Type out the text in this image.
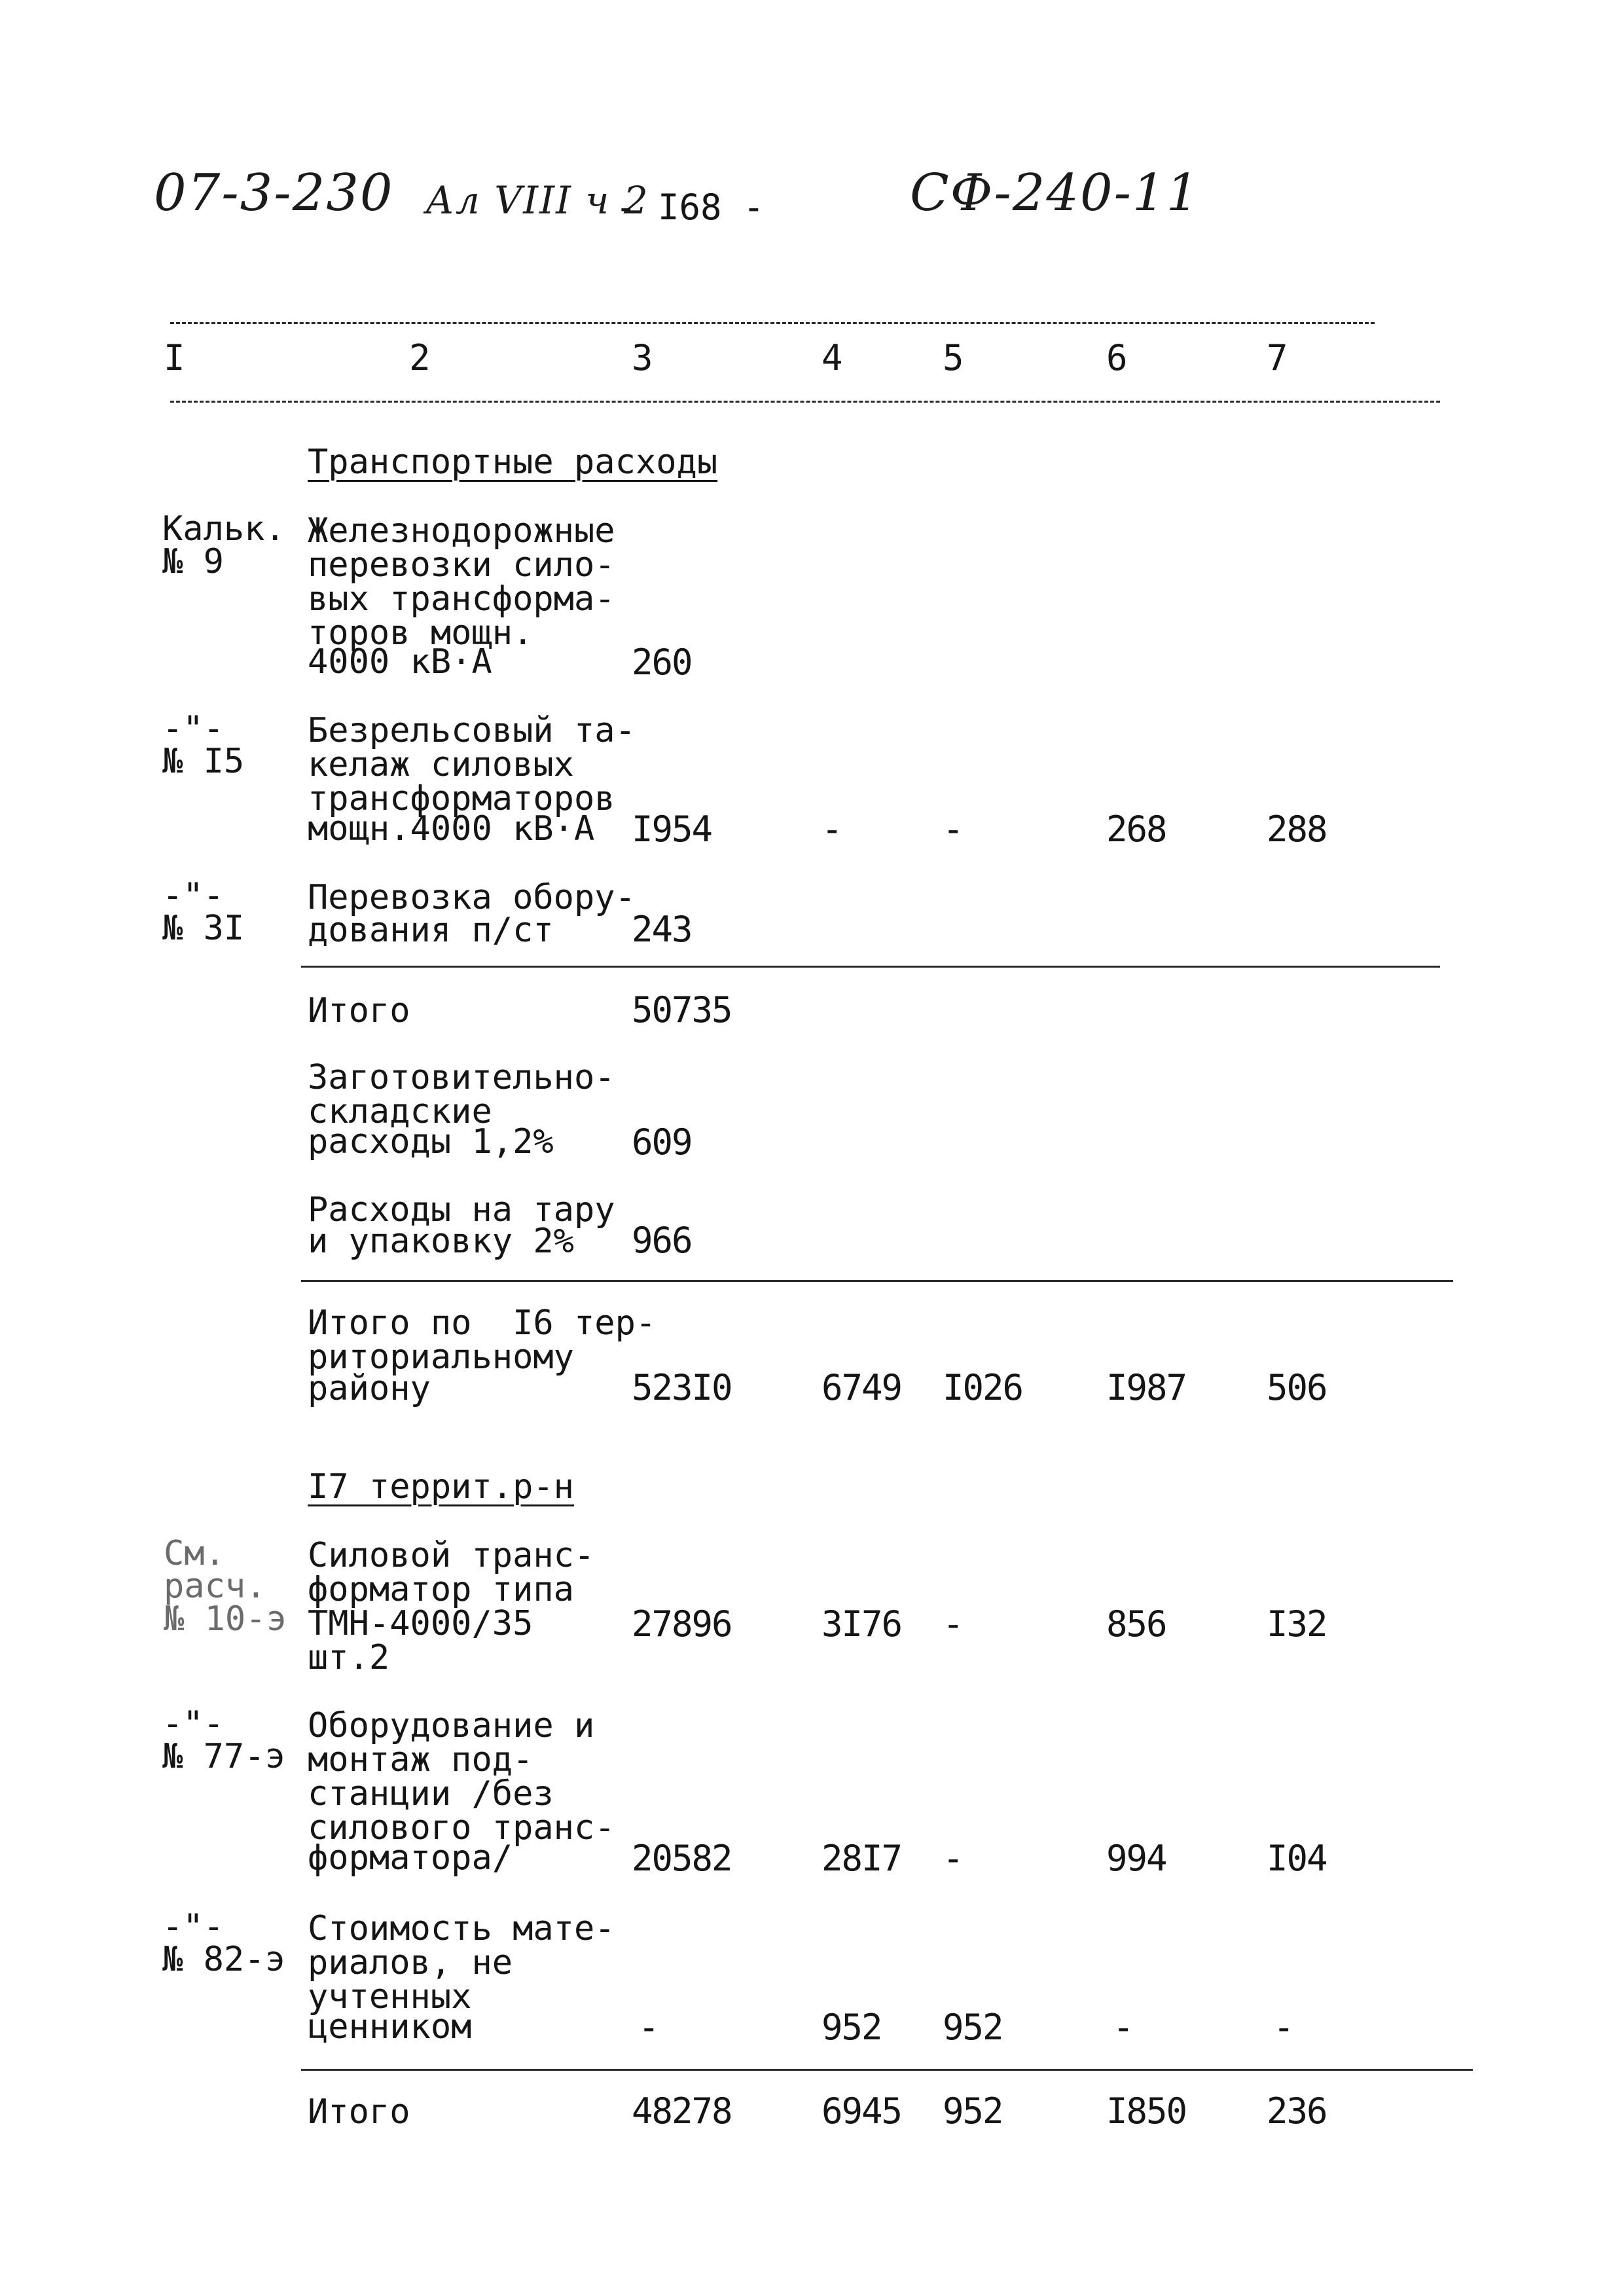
07-3-230 Ал VIII ч 2
- I68 -	СФ-240-11
I	2	3	4	5	6	7
Транспортные расходы
Кальк.
№ 9
Железнодорожные
перевозки сило-
вых трансформа-
торов мощн.
4000 кВ·А	260
-"-
№ I5
Безрельсовый та-
келаж силовых
трансформаторов
мощн.4000 кВ·А I954	-	-	268	288
-"-
№ 3I
Перевозка обору-
дования п/ст 243
Итого	50735
Заготовительно-
складские
расходы 1,2% 609
Расходы на тару
и упаковку 2% 966
Итого по  I6 тер-
риториальному
району	523I0	6749 I026 I987 506
I7 террит.р-н
См.
расч.
№ 10-э
Силовой транс-
форматор типа
ТМН-4000/35
шт.2
27896	3I76 -	856	I32
-"-
№ 77-э
Оборудование и
монтаж под-
станции /без
силового транс-
форматора/	20582	28I7 -	994	I04
-"-
№ 82-э
Стоимость мате-
риалов, не
учтенных
ценником	-	952 952	-	-
Итого	48278	6945 952	I850 236
